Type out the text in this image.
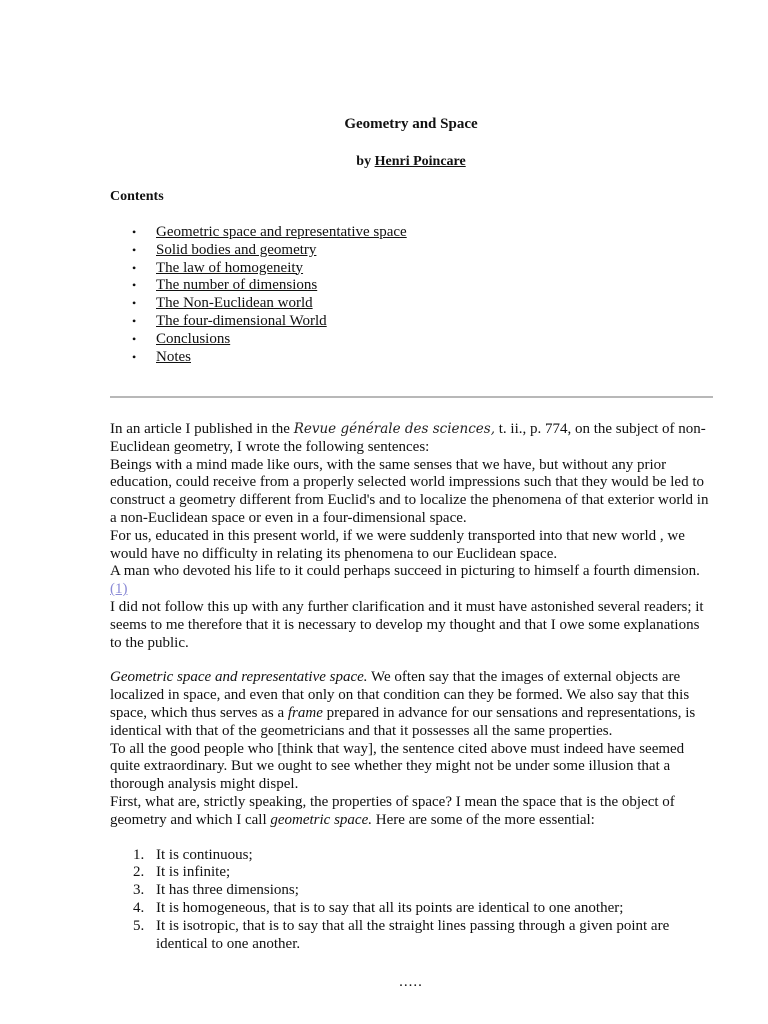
Geometry and Space
by Henri Poincare
Contents
• Geometric space and representative space
• Solid bodies and geometry
• The law of homogeneity
• The number of dimensions
• The Non-Euclidean world
• The four-dimensional World
• Conclusions
• Notes

In an article I published in the Revue générale des sciences, t. ii., p. 774, on the subject of non-Euclidean geometry, I wrote the following sentences:

Beings with a mind made like ours, with the same senses that we have, but without any prior education, could receive from a properly selected world impressions such that they would be led to construct a geometry different from Euclid's and to localize the phenomena of that exterior world in a non-Euclidean space or even in a four-dimensional space.

For us, educated in this present world, if we were suddenly transported into that new world , we would have no difficulty in relating its phenomena to our Euclidean space.

A man who devoted his life to it could perhaps succeed in picturing to himself a fourth dimension. (1)

I did not follow this up with any further clarification and it must have astonished several readers; it seems to me therefore that it is necessary to develop my thought and that I owe some explanations to the public.

Geometric space and representative space. We often say that the images of external objects are localized in space, and even that only on that condition can they be formed. We also say that this space, which thus serves as a frame prepared in advance for our sensations and representations, is identical with that of the geometricians and that it possesses all the same properties.

To all the good people who [think that way], the sentence cited above must indeed have seemed quite extraordinary. But we ought to see whether they might not be under some illusion that a thorough analysis might dispel.

First, what are, strictly speaking, the properties of space? I mean the space that is the object of geometry and which I call geometric space. Here are some of the more essential:

1. It is continuous;
2. It is infinite;
3. It has three dimensions;
4. It is homogeneous, that is to say that all its points are identical to one another;
5. It is isotropic, that is to say that all the straight lines passing through a given point are identical to one another.
.....
